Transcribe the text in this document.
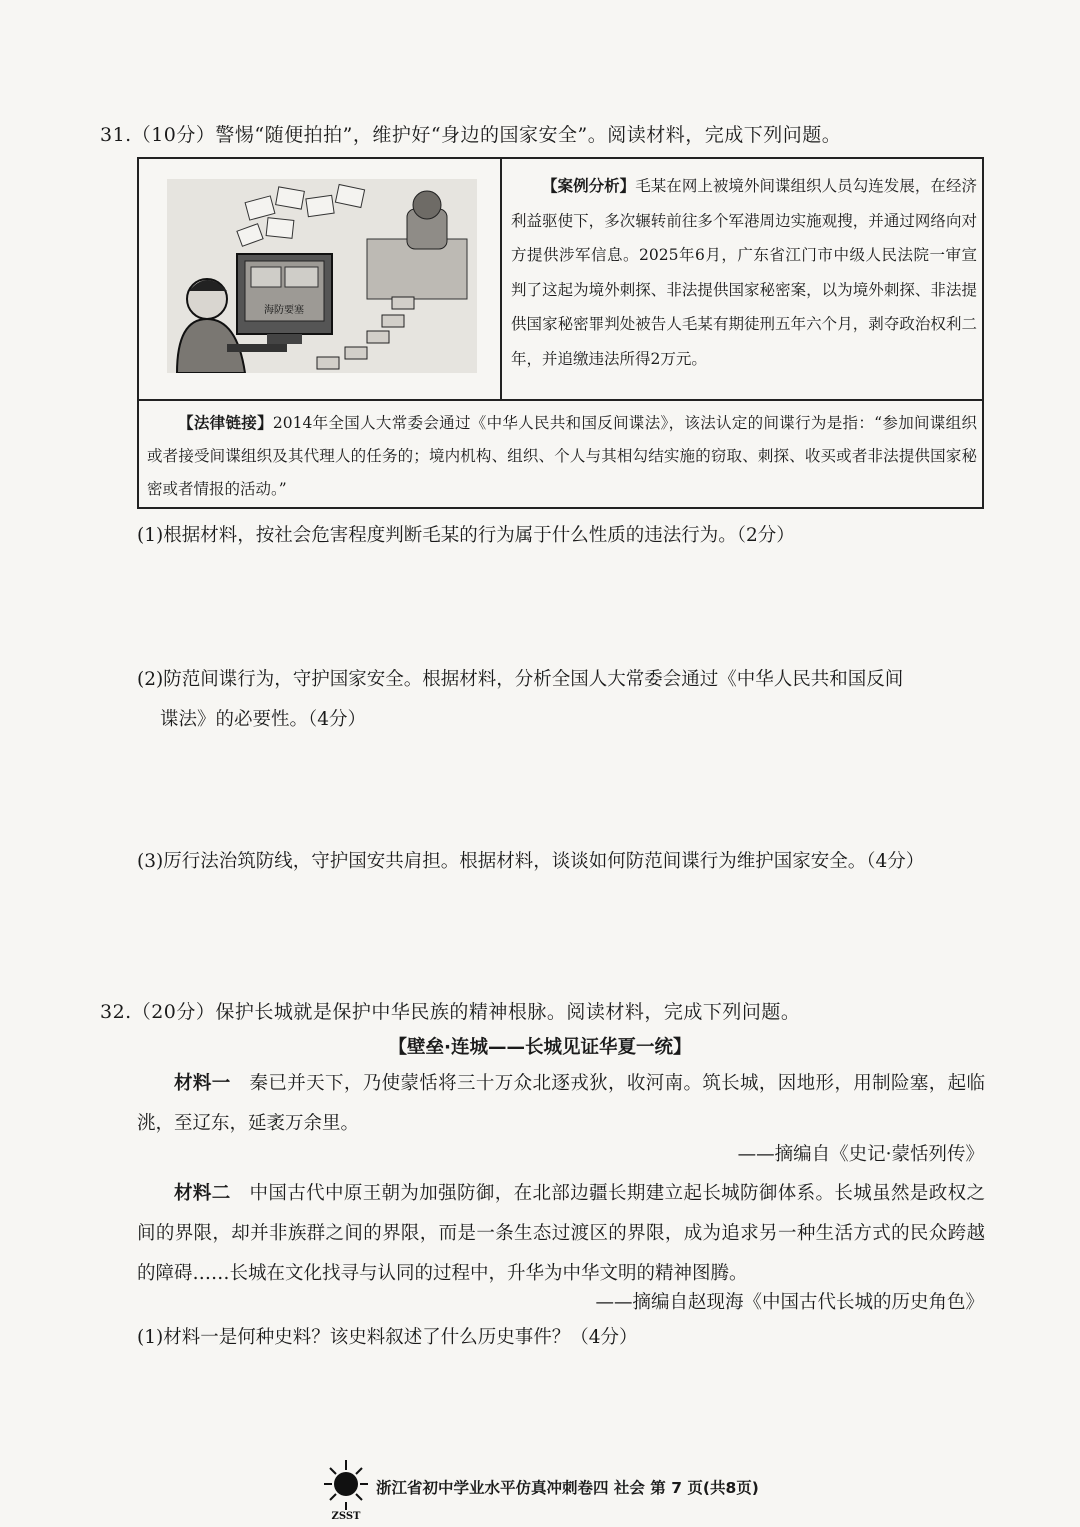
31.（10分）警惕“随便拍拍”，维护好“身边的国家安全”。阅读材料，完成下列问题。
海防要塞
【案例分析】毛某在网上被境外间谍组织人员勾连发展，在经济利益驱使下，多次辗转前往多个军港周边实施观搜，并通过网络向对方提供涉军信息。2025年6月，广东省江门市中级人民法院一审宣判了这起为境外刺探、非法提供国家秘密案，以为境外刺探、非法提供国家秘密罪判处被告人毛某有期徒刑五年六个月，剥夺政治权利二年，并追缴违法所得2万元。
【法律链接】2014年全国人大常委会通过《中华人民共和国反间谍法》，该法认定的间谍行为是指：“参加间谍组织或者接受间谍组织及其代理人的任务的；境内机构、组织、个人与其相勾结实施的窃取、刺探、收买或者非法提供国家秘密或者情报的活动。”
(1)根据材料，按社会危害程度判断毛某的行为属于什么性质的违法行为。（2分）
(2)防范间谍行为，守护国家安全。根据材料，分析全国人大常委会通过《中华人民共和国反间
谍法》的必要性。（4分）
(3)厉行法治筑防线，守护国安共肩担。根据材料，谈谈如何防范间谍行为维护国家安全。（4分）
32.（20分）保护长城就是保护中华民族的精神根脉。阅读材料，完成下列问题。
【壁垒·连城——长城见证华夏一统】
材料一　 秦已并天下，乃使蒙恬将三十万众北逐戎狄，收河南。筑长城，因地形，用制险塞，起临洮，至辽东，延袤万余里。
——摘编自《史记·蒙恬列传》
材料二　 中国古代中原王朝为加强防御，在北部边疆长期建立起长城防御体系。长城虽然是政权之间的界限，却并非族群之间的界限，而是一条生态过渡区的界限，成为追求另一种生活方式的民众跨越的障碍……长城在文化找寻与认同的过程中，升华为中华文明的精神图腾。
——摘编自赵现海《中国古代长城的历史角色》
(1)材料一是何种史料？该史料叙述了什么历史事件？（4分）
ZSST
浙江省初中学业水平仿真冲刺卷四 社会 第 7 页(共8页)
